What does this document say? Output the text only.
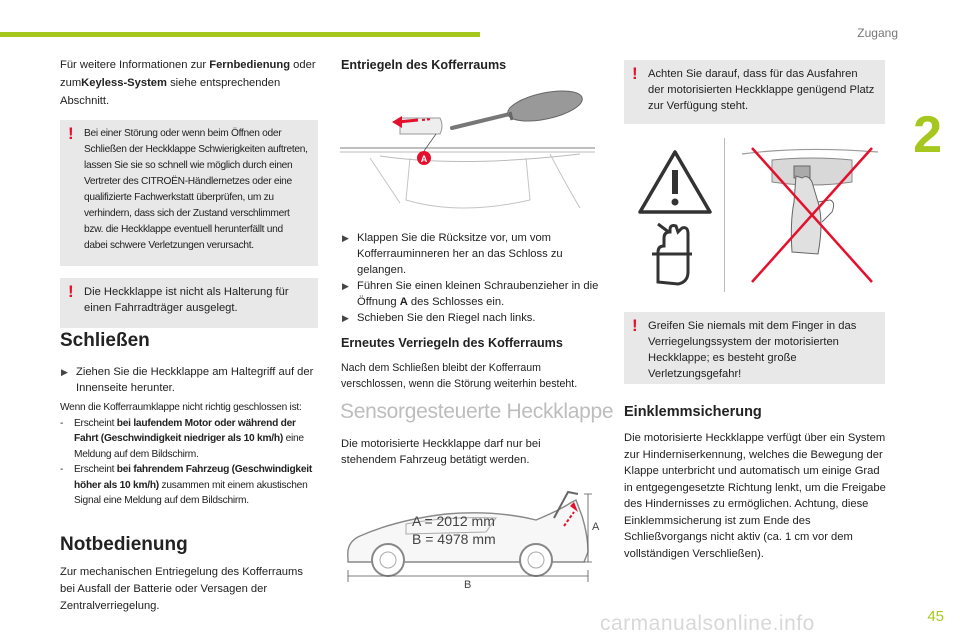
Zugang
2
45
carmanualsonline.info
Für weitere Informationen zur Fernbedienung oder zumKeyless-System siehe entsprechenden Abschnitt.
! Bei einer Störung oder wenn beim Öffnen oder Schließen der Heckklappe Schwierigkeiten auftreten, lassen Sie sie so schnell wie möglich durch einen Vertreter des CITROËN-Händlernetzes oder eine qualifizierte Fachwerkstatt überprüfen, um zu verhindern, dass sich der Zustand verschlimmert bzw. die Heckklappe eventuell herunterfällt und dabei schwere Verletzungen verursacht.
! Die Heckklappe ist nicht als Halterung für einen Fahrradträger ausgelegt.
Schließen
▶ Ziehen Sie die Heckklappe am Haltegriff auf der Innenseite herunter.
Wenn die Kofferraumklappe nicht richtig geschlossen ist:
- Erscheint bei laufendem Motor oder während der Fahrt (Geschwindigkeit niedriger als 10 km/h) eine Meldung auf dem Bildschirm.
- Erscheint bei fahrendem Fahrzeug (Geschwindigkeit höher als 10 km/h) zusammen mit einem akustischen Signal eine Meldung auf dem Bildschirm.
Notbedienung
Zur mechanischen Entriegelung des Kofferraums bei Ausfall der Batterie oder Versagen der Zentralverriegelung.
Entriegeln des Kofferraums
A
▶ Klappen Sie die Rücksitze vor, um vom Kofferrauminneren her an das Schloss zu gelangen.
▶ Führen Sie einen kleinen Schraubenzieher in die Öffnung A des Schlosses ein.
▶ Schieben Sie den Riegel nach links.
Erneutes Verriegeln des Kofferraums
Nach dem Schließen bleibt der Kofferraum verschlossen, wenn die Störung weiterhin besteht.
Sensorgesteuerte Heckklappe
Die motorisierte Heckklappe darf nur bei stehendem Fahrzeug betätigt werden.
A
B
A = 2012 mm
B = 4978 mm
! Achten Sie darauf, dass für das Ausfahren der motorisierten Heckklappe genügend Platz zur Verfügung steht.
! Greifen Sie niemals mit dem Finger in das Verriegelungssystem der motorisierten Heckklappe; es besteht große Verletzungsgefahr!
Einklemmsicherung
Die motorisierte Heckklappe verfügt über ein System zur Hinderniserkennung, welches die Bewegung der Klappe unterbricht und automatisch um einige Grad in entgegengesetzte Richtung lenkt, um die Freigabe des Hindernisses zu ermöglichen. Achtung, diese Einklemmsicherung ist zum Ende des Schließvorgangs nicht aktiv (ca. 1 cm vor dem vollständigen Verschließen).
